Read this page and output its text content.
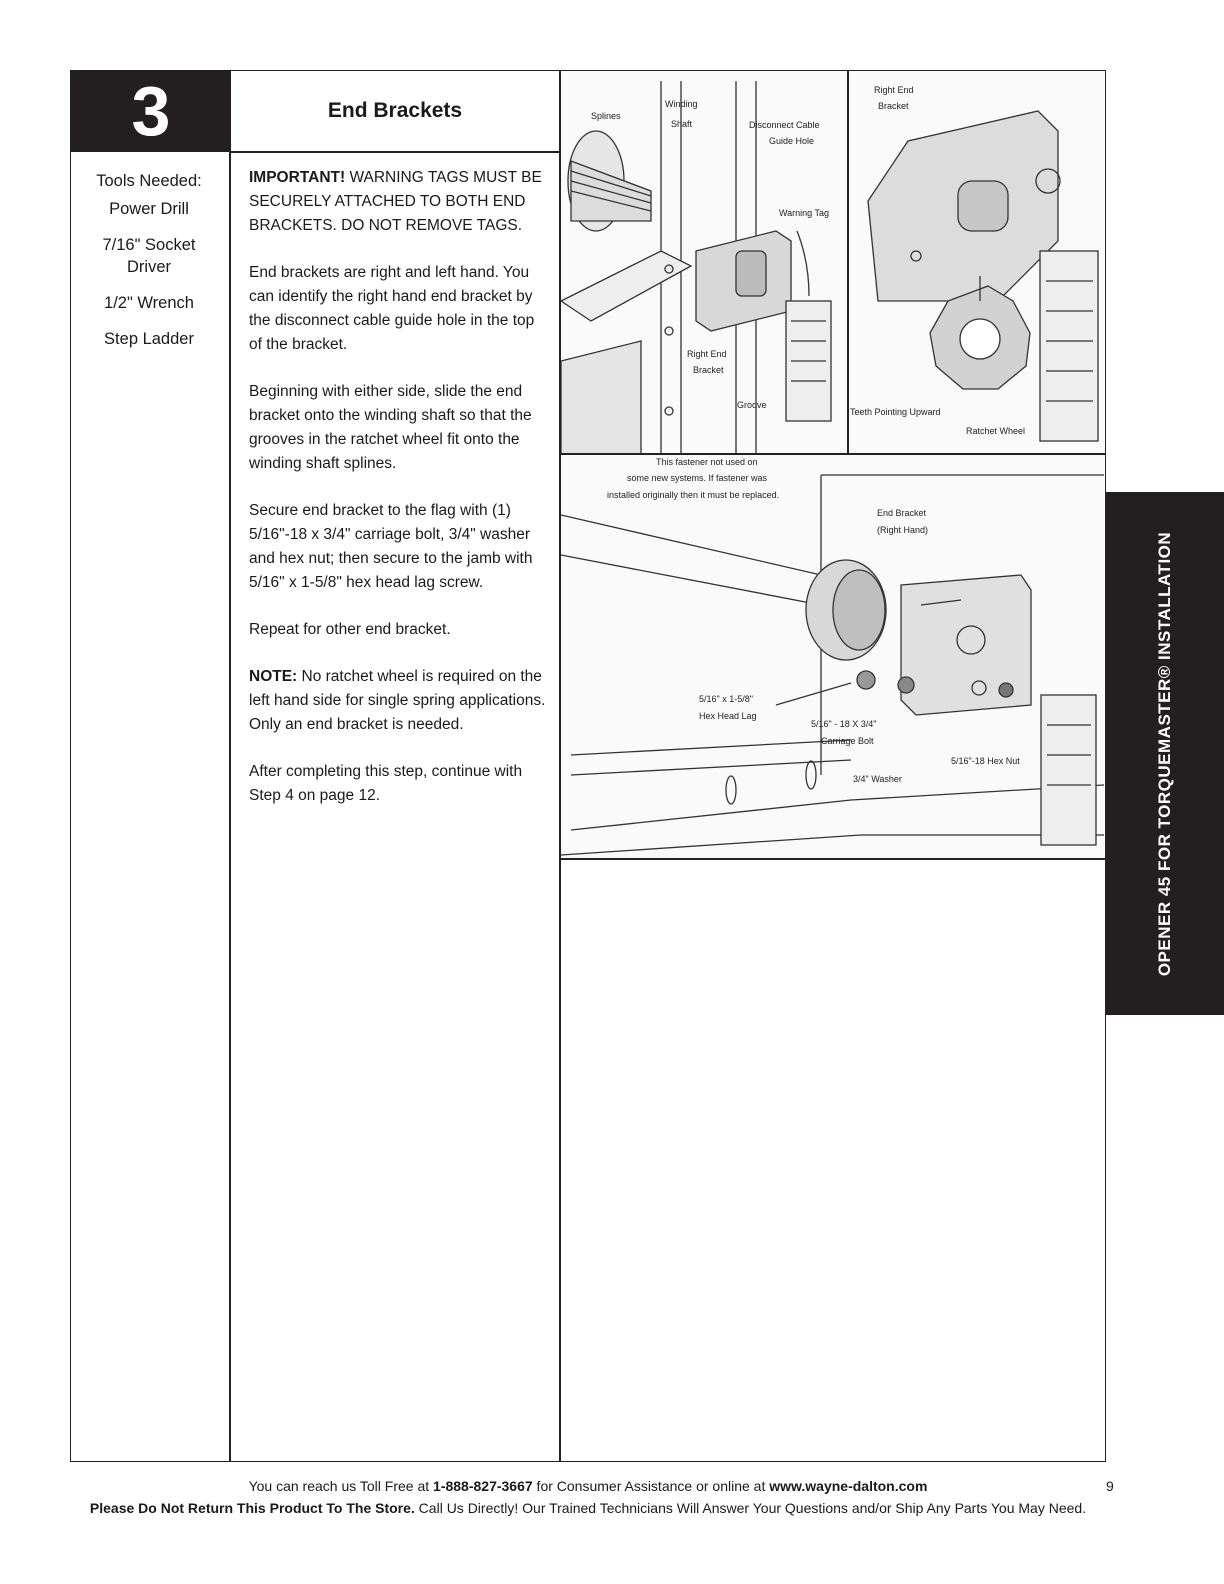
3	End Brackets
Tools Needed:
Power Drill
7/16" Socket Driver
1/2" Wrench
Step Ladder

IMPORTANT! WARNING TAGS MUST BE SECURELY ATTACHED TO BOTH END BRACKETS. DO NOT REMOVE TAGS.

End brackets are right and left hand. You can identify the right hand end bracket by the disconnect cable guide hole in the top of the bracket.

Beginning with either side, slide the end bracket onto the winding shaft so that the grooves in the ratchet wheel fit onto the winding shaft splines.

Secure end bracket to the flag with (1) 5/16"-18 x 3/4" carriage bolt, 3/4" washer and hex nut; then secure to the jamb with 5/16" x 1-5/8" hex head lag screw.

Repeat for other end bracket.

NOTE: No ratchet wheel is required on the left hand side for single spring applications. Only an end bracket is needed.

After completing this step, continue with Step 4 on page 12.

Splines
Winding
Shaft	Disconnect Cable
Guide Hole
Warning Tag
Right End
Bracket
Groove
Right End
Bracket
Teeth Pointing Upward
Ratchet Wheel
This fastener not used on
some new systems. If fastener was
installed originally then it must be replaced.
End Bracket
(Right Hand)
5/16" x 1-5/8"
Hex Head Lag
5/16" - 18 X 3/4"
Carriage Bolt
5/16"-18 Hex Nut
3/4" Washer	OPENER 45 FOR TORQUEMASTER® INSTALLATION
You can reach us Toll Free at 1-888-827-3667 for Consumer Assistance or online at www.wayne-dalton.com
Please Do Not Return This Product To The Store. Call Us Directly! Our Trained Technicians Will Answer Your Questions and/or Ship Any Parts You May Need.
9
